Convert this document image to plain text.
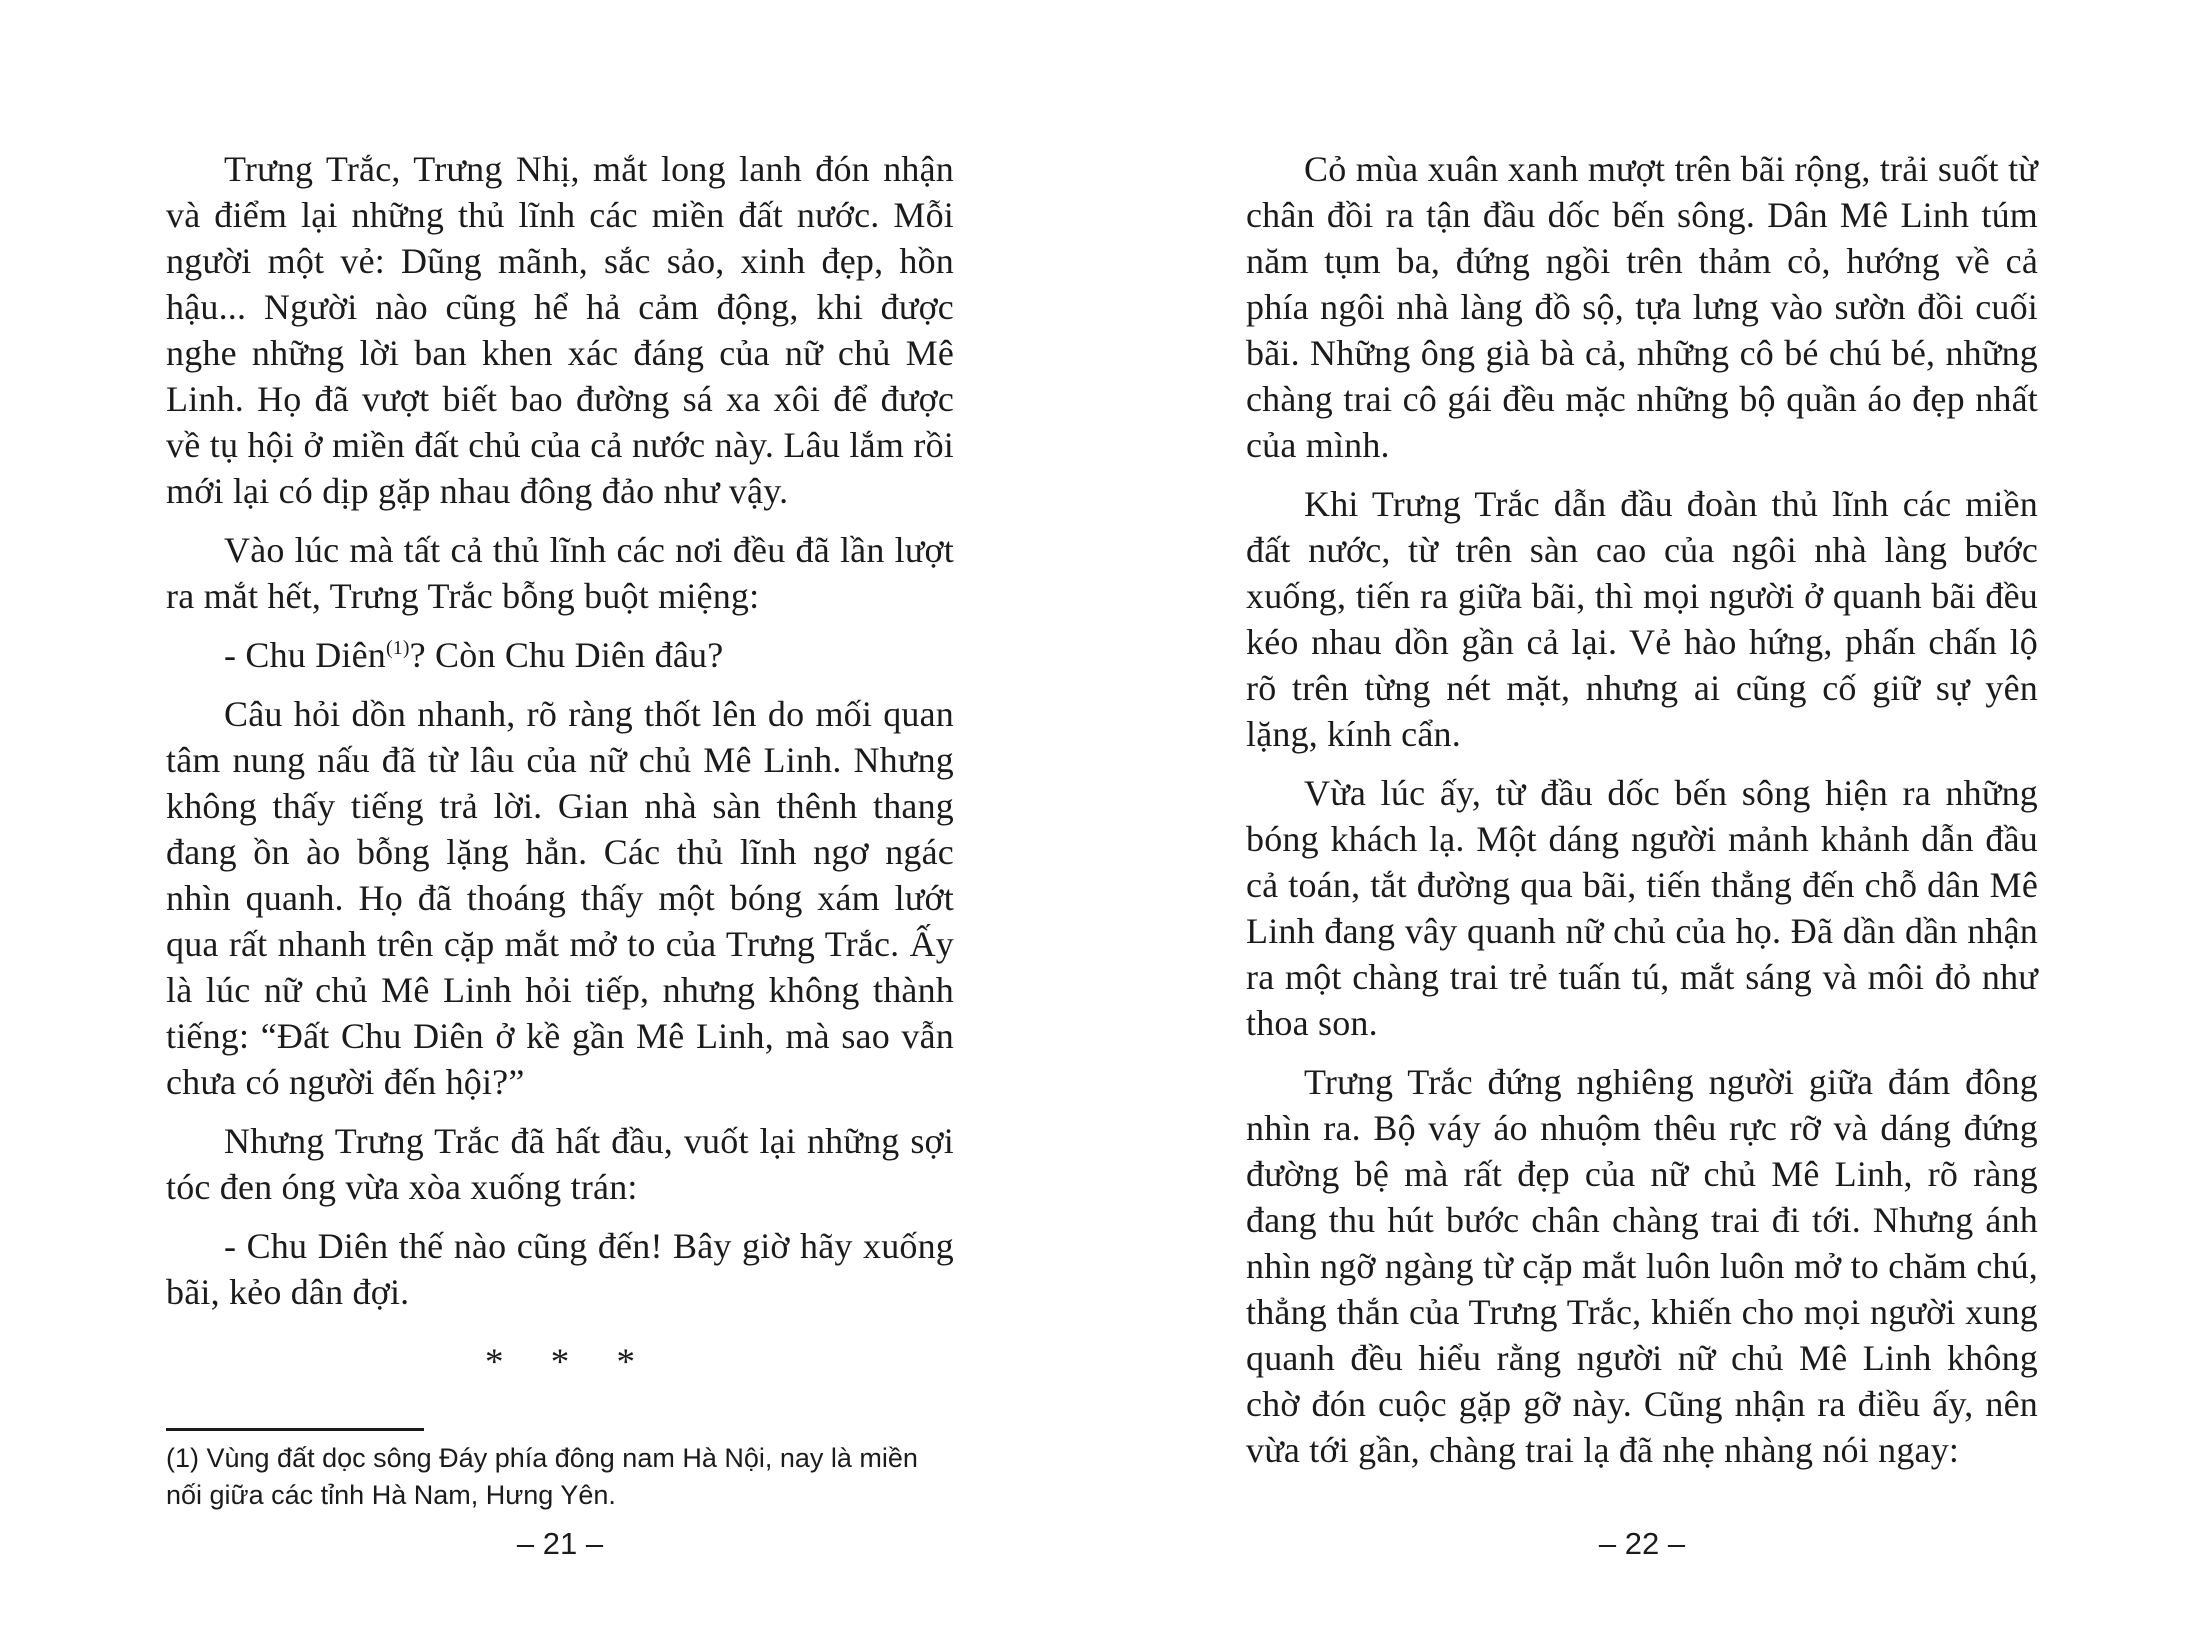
Trưng Trắc, Trưng Nhị, mắt long lanh đón nhận và điểm lại những thủ lĩnh các miền đất nước. Mỗi người một vẻ: Dũng mãnh, sắc sảo, xinh đẹp, hồn hậu... Người nào cũng hể hả cảm động, khi được nghe những lời ban khen xác đáng của nữ chủ Mê Linh. Họ đã vượt biết bao đường sá xa xôi để được về tụ hội ở miền đất chủ của cả nước này. Lâu lắm rồi mới lại có dịp gặp nhau đông đảo như vậy.

Vào lúc mà tất cả thủ lĩnh các nơi đều đã lần lượt ra mắt hết, Trưng Trắc bỗng buột miệng:

- Chu Diên$^{(1)}$? Còn Chu Diên đâu?

Câu hỏi dồn nhanh, rõ ràng thốt lên do mối quan tâm nung nấu đã từ lâu của nữ chủ Mê Linh. Nhưng không thấy tiếng trả lời. Gian nhà sàn thênh thang đang ồn ào bỗng lặng hẳn. Các thủ lĩnh ngơ ngác nhìn quanh. Họ đã thoáng thấy một bóng xám lướt qua rất nhanh trên cặp mắt mở to của Trưng Trắc. Ấy là lúc nữ chủ Mê Linh hỏi tiếp, nhưng không thành tiếng: “Đất Chu Diên ở kề gần Mê Linh, mà sao vẫn chưa có người đến hội?”

Nhưng Trưng Trắc đã hất đầu, vuốt lại những sợi tóc đen óng vừa xòa xuống trán:

- Chu Diên thế nào cũng đến! Bây giờ hãy xuống bãi, kẻo dân đợi.

* * *
(1) Vùng đất dọc sông Đáy phía đông nam Hà Nội, nay là miền nối giữa các tỉnh Hà Nam, Hưng Yên.

Cỏ mùa xuân xanh mượt trên bãi rộng, trải suốt từ chân đồi ra tận đầu dốc bến sông. Dân Mê Linh túm năm tụm ba, đứng ngồi trên thảm cỏ, hướng về cả phía ngôi nhà làng đồ sộ, tựa lưng vào sườn đồi cuối bãi. Những ông già bà cả, những cô bé chú bé, những chàng trai cô gái đều mặc những bộ quần áo đẹp nhất của mình.

Khi Trưng Trắc dẫn đầu đoàn thủ lĩnh các miền đất nước, từ trên sàn cao của ngôi nhà làng bước xuống, tiến ra giữa bãi, thì mọi người ở quanh bãi đều kéo nhau dồn gần cả lại. Vẻ hào hứng, phấn chấn lộ rõ trên từng nét mặt, nhưng ai cũng cố giữ sự yên lặng, kính cẩn.

Vừa lúc ấy, từ đầu dốc bến sông hiện ra những bóng khách lạ. Một dáng người mảnh khảnh dẫn đầu cả toán, tắt đường qua bãi, tiến thẳng đến chỗ dân Mê Linh đang vây quanh nữ chủ của họ. Đã dần dần nhận ra một chàng trai trẻ tuấn tú, mắt sáng và môi đỏ như thoa son.

Trưng Trắc đứng nghiêng người giữa đám đông nhìn ra. Bộ váy áo nhuộm thêu rực rỡ và dáng đứng đường bệ mà rất đẹp của nữ chủ Mê Linh, rõ ràng đang thu hút bước chân chàng trai đi tới. Nhưng ánh nhìn ngỡ ngàng từ cặp mắt luôn luôn mở to chăm chú, thẳng thắn của Trưng Trắc, khiến cho mọi người xung quanh đều hiểu rằng người nữ chủ Mê Linh không chờ đón cuộc gặp gỡ này. Cũng nhận ra điều ấy, nên vừa tới gần, chàng trai lạ đã nhẹ nhàng nói ngay:

– 21 –	– 22 –
